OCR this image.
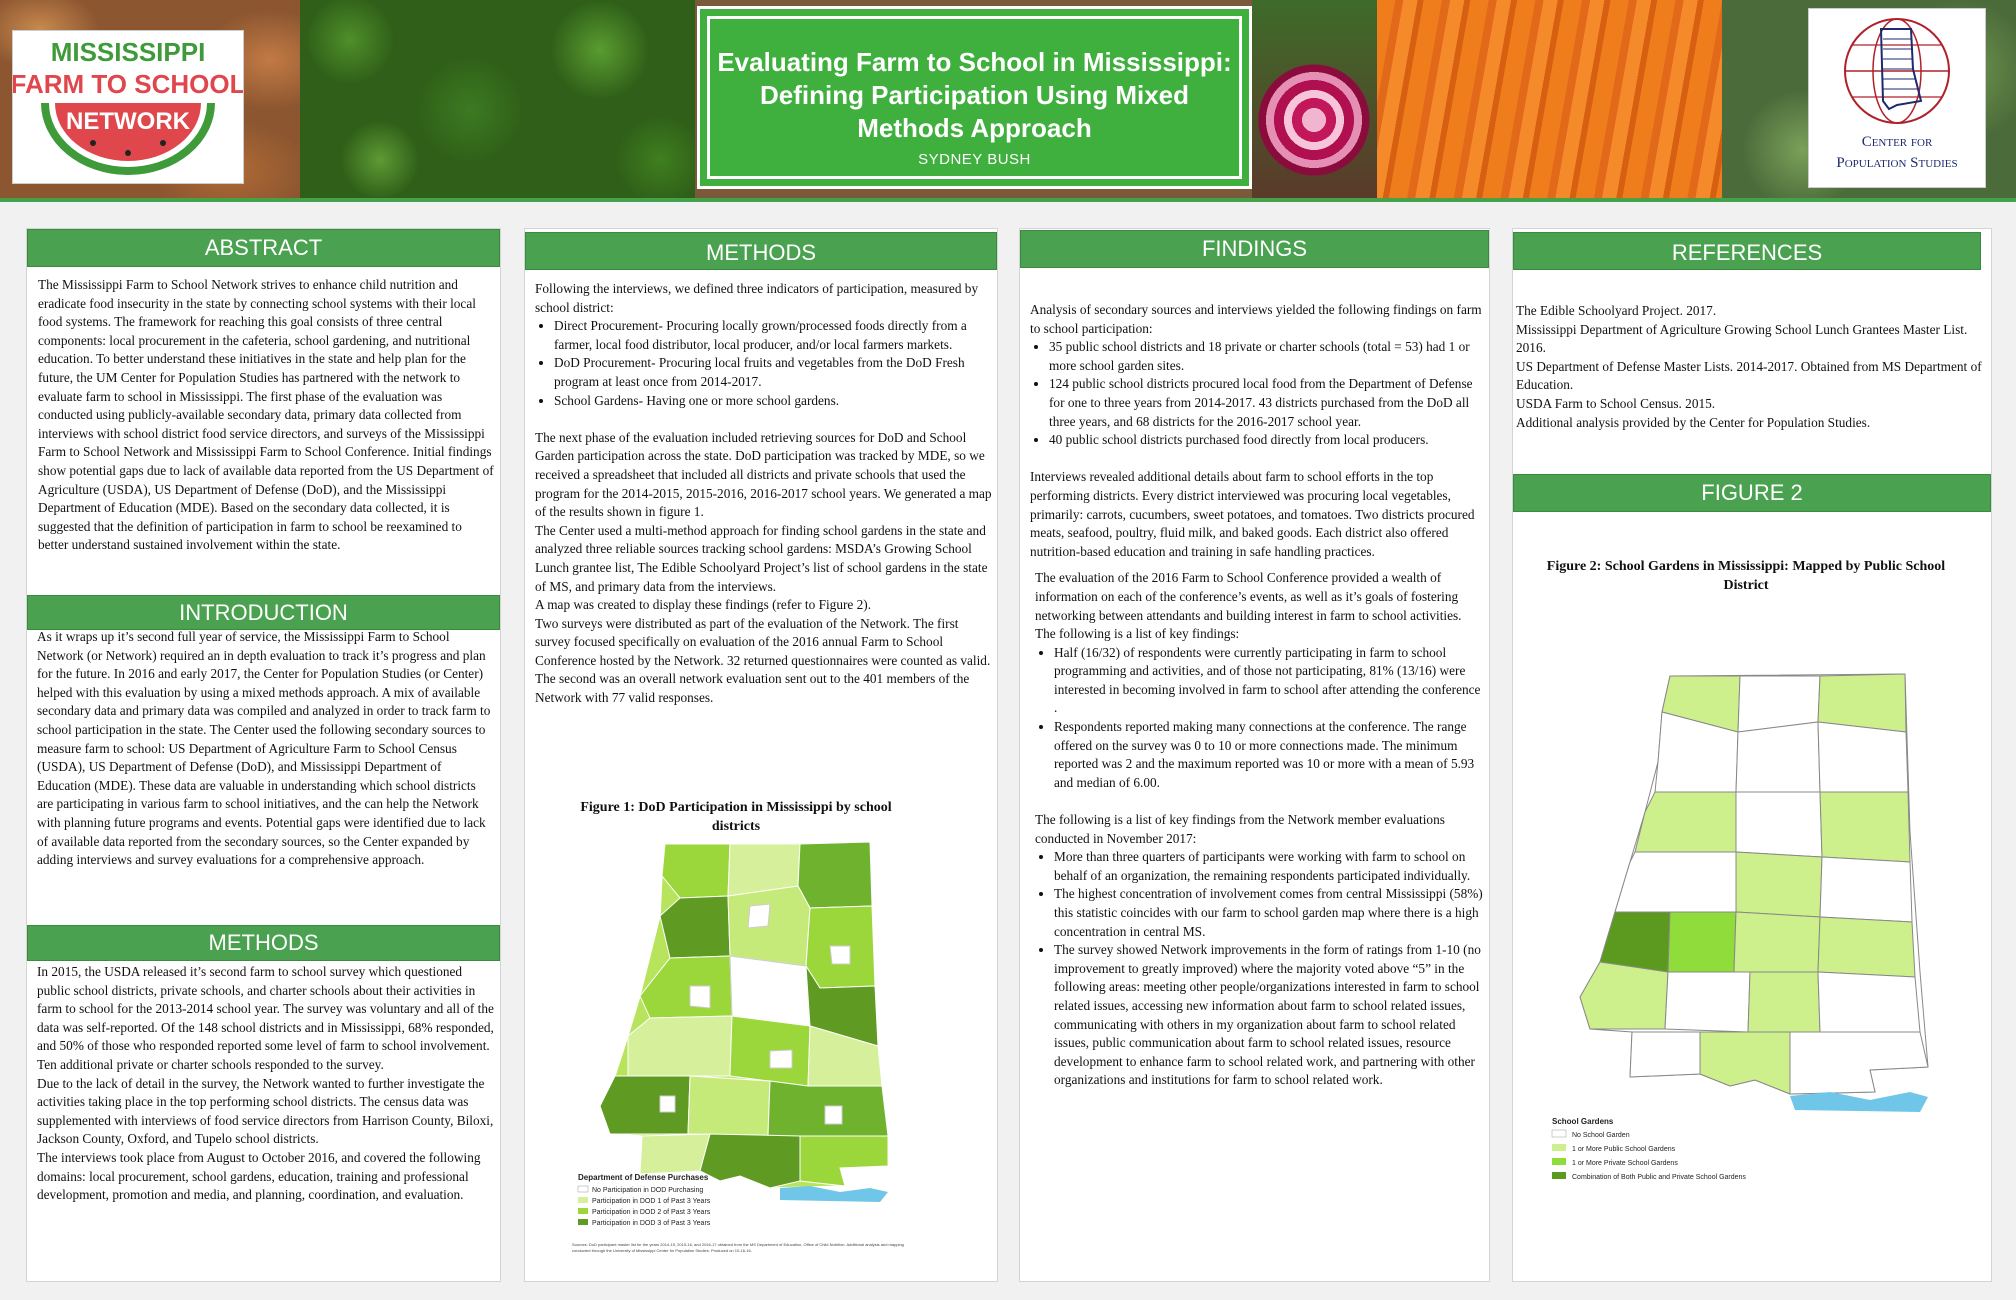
MISSISSIPPI
FARM TO SCHOOL
NETWORK
Evaluating Farm to School in Mississippi: Defining Participation Using Mixed Methods Approach
SYDNEY BUSH
Center for
Population Studies
ABSTRACT

The Mississippi Farm to School Network strives to enhance child nutrition and eradicate food insecurity in the state by connecting school systems with their local food systems. The framework for reaching this goal consists of three central components: local procurement in the cafeteria, school gardening, and nutritional education. To better understand these initiatives in the state and help plan for the future, the UM Center for Population Studies has partnered with the network to evaluate farm to school in Mississippi. The first phase of the evaluation was conducted using publicly-available secondary data, primary data collected from interviews with school district food service directors, and surveys of the Mississippi Farm to School Network and Mississippi Farm to School Conference. Initial findings show potential gaps due to lack of available data reported from the US Department of Agriculture (USDA), US Department of Defense (DoD), and the Mississippi Department of Education (MDE). Based on the secondary data collected, it is suggested that the definition of participation in farm to school be reexamined to better understand sustained involvement within the state.

INTRODUCTION

As it wraps up it’s second full year of service, the Mississippi Farm to School Network (or Network) required an in depth evaluation to track it’s progress and plan for the future. In 2016 and early 2017, the Center for Population Studies (or Center) helped with this evaluation by using a mixed methods approach. A mix of available secondary data and primary data was compiled and analyzed in order to track farm to school participation in the state. The Center used the following secondary sources to measure farm to school: US Department of Agriculture Farm to School Census (USDA), US Department of Defense (DoD), and Mississippi Department of Education (MDE). These data are valuable in understanding which school districts are participating in various farm to school initiatives, and the can help the Network with planning future programs and events. Potential gaps were identified due to lack of available data reported from the secondary sources, so the Center expanded by adding interviews and survey evaluations for a comprehensive approach.

METHODS

In 2015, the USDA released it’s second farm to school survey which questioned public school districts, private schools, and charter schools about their activities in farm to school for the 2013-2014 school year. The survey was voluntary and all of the data was self-reported. Of the 148 school districts and in Mississippi, 68% responded, and 50% of those who responded reported some level of farm to school involvement. Ten additional private or charter schools responded to the survey.

Due to the lack of detail in the survey, the Network wanted to further investigate the activities taking place in the top performing school districts. The census data was supplemented with interviews of food service directors from Harrison County, Biloxi, Jackson County, Oxford, and Tupelo school districts.

The interviews took place from August to October 2016, and covered the following domains: local procurement, school gardens, education, training and professional development, promotion and media, and planning, coordination, and evaluation.

METHODS

Following the interviews, we defined three indicators of participation, measured by school district:

• Direct Procurement- Procuring locally grown/processed foods directly from a farmer, local food distributor, local producer, and/or local farmers markets.
• DoD Procurement- Procuring local fruits and vegetables from the DoD Fresh program at least once from 2014-2017.
• School Gardens- Having one or more school gardens.

The next phase of the evaluation included retrieving sources for DoD and School Garden participation across the state. DoD participation was tracked by MDE, so we received a spreadsheet that included all districts and private schools that used the program for the 2014-2015, 2015-2016, 2016-2017 school years. We generated a map of the results shown in figure 1.

The Center used a multi-method approach for finding school gardens in the state and analyzed three reliable sources tracking school gardens: MSDA’s Growing School Lunch grantee list, The Edible Schoolyard Project’s list of school gardens in the state of MS, and primary data from the interviews.

A map was created to display these findings (refer to Figure 2).

Two surveys were distributed as part of the evaluation of the Network. The first survey focused specifically on evaluation of the 2016 annual Farm to School Conference hosted by the Network. 32 returned questionnaires were counted as valid. The second was an overall network evaluation sent out to the 401 members of the Network with 77 valid responses.

Figure 1: DoD Participation in Mississippi by school districts
Department of Defense Purchases
No Participation in DOD Purchasing
Participation in DOD 1 of Past 3 Years
Participation in DOD 2 of Past 3 Years
Participation in DOD 3 of Past 3 Years
Sources: DoD participant master list for the years 2014-15, 2015-16, and 2016-17 obtained from the MS Department of Education, Office of Child Nutrition. Additional analysis and mapping conducted through the University of Mississippi Center for Population Studies. Produced on 10-16-16.
FINDINGS

Analysis of secondary sources and interviews yielded the following findings on farm to school participation:

• 35 public school districts and 18 private or charter schools (total = 53) had 1 or more school garden sites.
• 124 public school districts procured local food from the Department of Defense for one to three years from 2014-2017. 43 districts purchased from the DoD all three years, and 68 districts for the 2016-2017 school year.
• 40 public school districts purchased food directly from local producers.

Interviews revealed additional details about farm to school efforts in the top performing districts. Every district interviewed was procuring local vegetables, primarily: carrots, cucumbers, sweet potatoes, and tomatoes. Two districts procured meats, seafood, poultry, fluid milk, and baked goods. Each district also offered nutrition-based education and training in safe handling practices.

The evaluation of the 2016 Farm to School Conference provided a wealth of information on each of the conference’s events, as well as it’s goals of fostering networking between attendants and building interest in farm to school activities. The following is a list of key findings:

• Half (16/32) of respondents were currently participating in farm to school programming and activities, and of those not participating, 81% (13/16) were interested in becoming involved in farm to school after attending the conference .
• Respondents reported making many connections at the conference. The range offered on the survey was 0 to 10 or more connections made. The minimum reported was 2 and the maximum reported was 10 or more with a mean of 5.93 and median of 6.00.

The following is a list of key findings from the Network member evaluations conducted in November 2017:

• More than three quarters of participants were working with farm to school on behalf of an organization, the remaining respondents participated individually.
• The highest concentration of involvement comes from central Mississippi (58%) this statistic coincides with our farm to school garden map where there is a high concentration in central MS.
• The survey showed Network improvements in the form of ratings from 1-10 (no improvement to greatly improved) where the majority voted above “5” in the following areas: meeting other people/organizations interested in farm to school related issues, accessing new information about farm to school related issues, communicating with others in my organization about farm to school related issues, public communication about farm to school related issues, resource development to enhance farm to school related work, and partnering with other organizations and institutions for farm to school related work.
REFERENCES

The Edible Schoolyard Project. 2017.

Mississippi Department of Agriculture Growing School Lunch Grantees Master List. 2016.

US Department of Defense Master Lists. 2014-2017. Obtained from MS Department of Education.

USDA Farm to School Census. 2015.

Additional analysis provided by the Center for Population Studies.

FIGURE 2
Figure 2: School Gardens in Mississippi: Mapped by Public School District
School Gardens
No School Garden
1 or More Public School Gardens
1 or More Private School Gardens
Combination of Both Public and Private School Gardens
